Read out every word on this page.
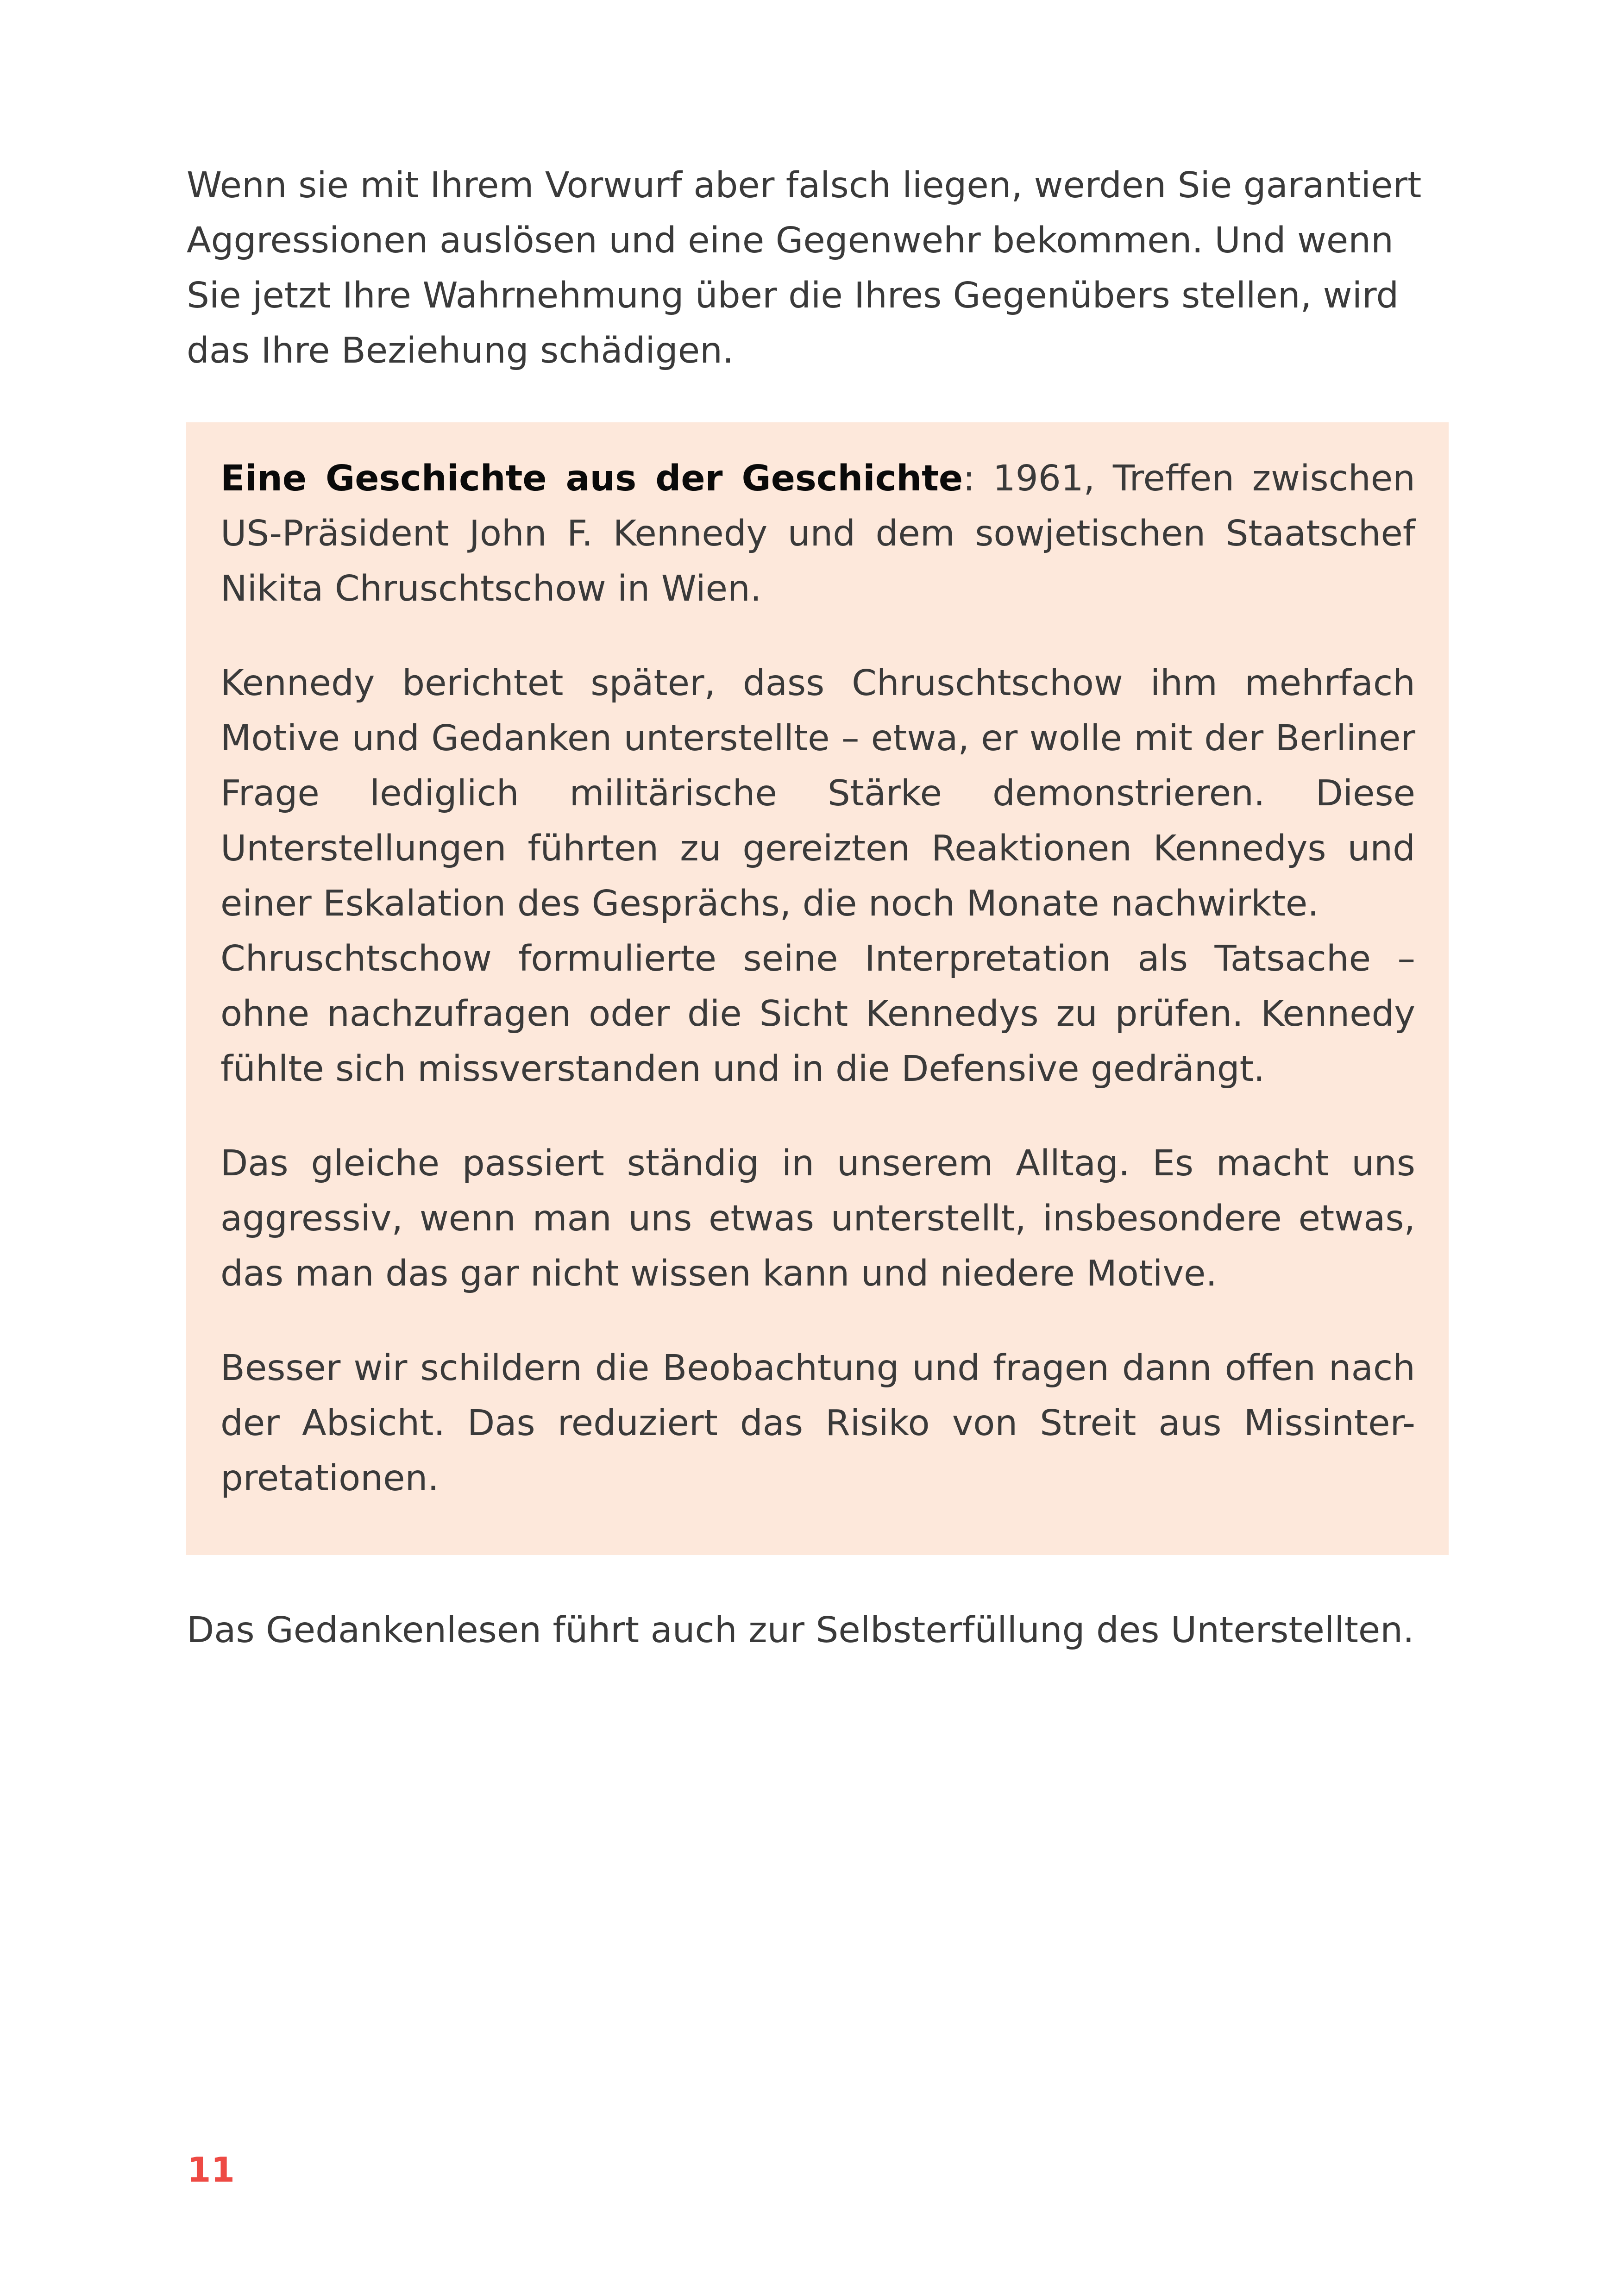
Wenn sie mit Ihrem Vorwurf aber falsch liegen, werden Sie garantiert Aggressionen auslösen und eine Gegenwehr bekommen. Und wenn Sie jetzt Ihre Wahrnehmung über die Ihres Gegenübers stellen, wird das Ihre Beziehung schädigen.

Eine Geschichte aus der Geschichte: 1961, Treffen zwischen US-Präsident John F. Kennedy und dem sowjetischen Staatschef Nikita Chruschtschow in Wien.

Kennedy berichtet später, dass Chruschtschow ihm mehrfach Motive und Gedanken unterstellte – etwa, er wolle mit der Berliner Frage lediglich militärische Stärke demonstrieren. Diese Unterstellungen führten zu gereizten Reaktionen Kennedys und einer Eskalation des Gesprächs, die noch Monate nachwirkte.
Chruschtschow formulierte seine Interpretation als Tatsache – ohne nachzufragen oder die Sicht Kennedys zu prüfen. Kennedy fühlte sich missverstanden und in die Defensive gedrängt.

Das gleiche passiert ständig in unserem Alltag. Es macht uns aggressiv, wenn man uns etwas unterstellt, insbesondere etwas, das man das gar nicht wissen kann und niedere Motive.

Besser wir schildern die Beobachtung und fragen dann offen nach der Absicht. Das reduziert das Risiko von Streit aus Missinter-pretationen.

Das Gedankenlesen führt auch zur Selbsterfüllung des Unterstellten.

11
